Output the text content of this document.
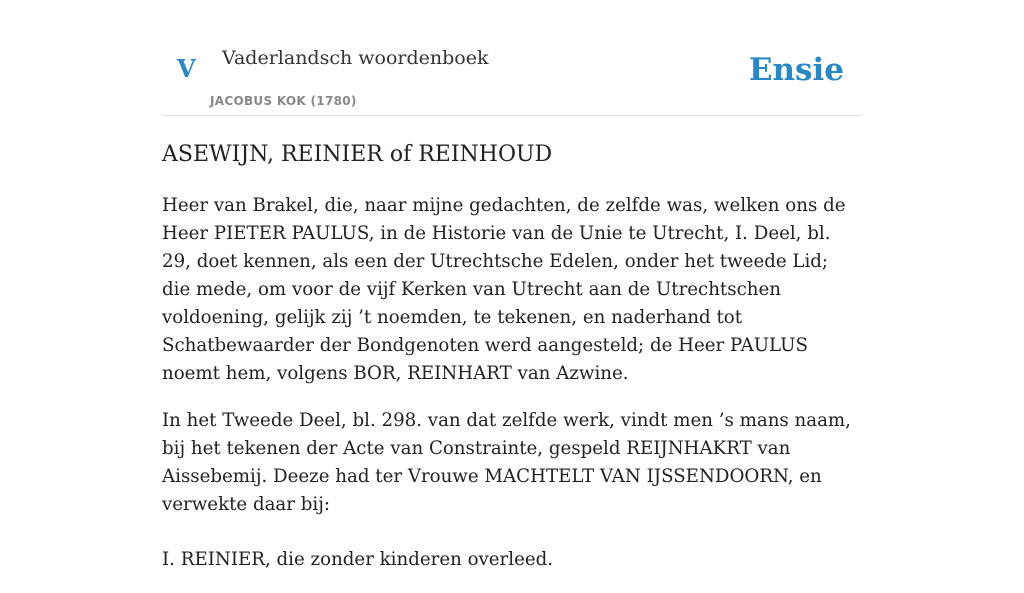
V Vaderlandsch woordenboek
JACOBUS KOK (1780)
Ensie
ASEWIJN, REINIER of REINHOUD

Heer van Brakel, die, naar mijne gedachten, de zelfde was, welken ons de Heer PIETER PAULUS, in de Historie van de Unie te Utrecht, I. Deel, bl. 29, doet kennen, als een der Utrechtsche Edelen, onder het tweede Lid; die mede, om voor de vijf Kerken van Utrecht aan de Utrechtschen voldoening, gelijk zij ’t noemden, te tekenen, en naderhand tot Schatbewaarder der Bondgenoten werd aangesteld; de Heer PAULUS noemt hem, volgens BOR, REINHART van Azwine.

In het Tweede Deel, bl. 298. van dat zelfde werk, vindt men ’s mans naam, bij het tekenen der Acte van Constrainte, gespeld REIJNHAKRT van Aissebemij. Deeze had ter Vrouwe MACHTELT VAN IJSSENDOORN, en verwekte daar bij:

I. REINIER, die zonder kinderen overleed.
